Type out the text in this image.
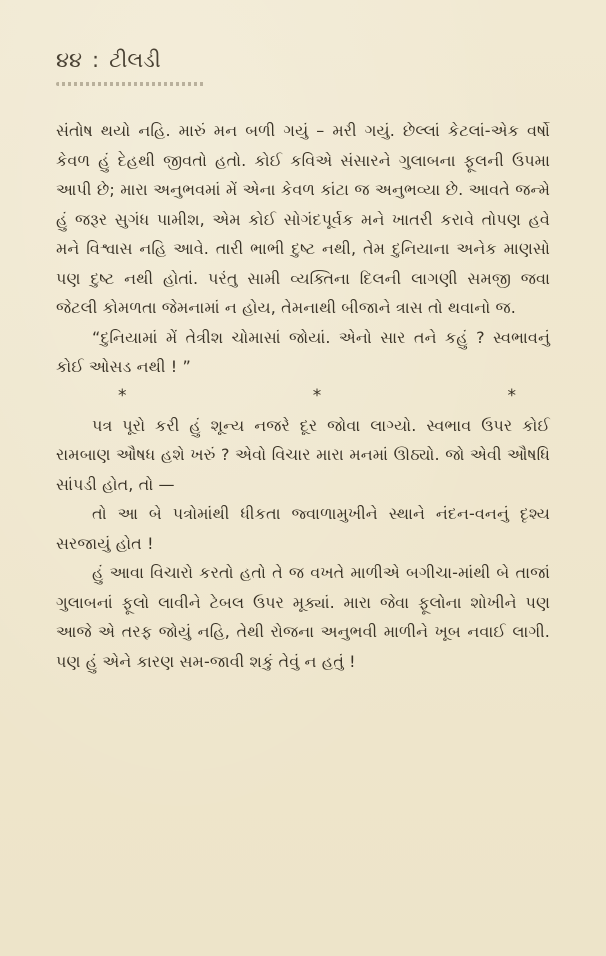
૪૪ : ટીલડી

સંતોષ થયો નહિ. મારું મન બળી ગયું – મરી ગયું. છેલ્લાં કેટલાં-એક વર્ષો કેવળ હું દેહથી જીવતો હતો. કોઈ કવિએ સંસારને ગુલાબના ફૂલની ઉપમા આપી છે; મારા અનુભવમાં મેં એના કેવળ કાંટા જ અનુભવ્યા છે. આવતે જન્મે હું જરૂર સુગંધ પામીશ, એમ કોઈ સોગંદપૂર્વક મને ખાતરી કરાવે તોપણ હવે મને વિશ્વાસ નહિ આવે. તારી ભાભી દુષ્ટ નથી, તેમ દુનિયાના અનેક માણસો પણ દુષ્ટ નથી હોતાં. પરંતુ સામી વ્યક્તિના દિલની લાગણી સમજી જવા જેટલી કોમળતા જેમનામાં ન હોય, તેમનાથી બીજાને ત્રાસ તો થવાનો જ.

“દુનિયામાં મેં તેત્રીશ ચોમાસાં જોયાં. એનો સાર તને કહું ? સ્વભાવનું કોઈ ઓસડ નથી ! ”

*	*	*

પત્ર પૂરો કરી હું શૂન્ય નજરે દૂર જોવા લાગ્યો. સ્વભાવ ઉપર કોઈ રામબાણ ઔષધ હશે ખરું ? એવો વિચાર મારા મનમાં ઊઠ્યો. જો એવી ઔષધિ સાંપડી હોત, તો —

તો આ બે પત્રોમાંથી ધીકતા જ્વાળામુખીને સ્થાને નંદન-વનનું દૃશ્ય સરજાયું હોત !

હું આવા વિચારો કરતો હતો તે જ વખતે માળીએ બગીચા-માંથી બે તાજાં ગુલાબનાં ફૂલો લાવીને ટેબલ ઉપર મૂક્યાં. મારા જેવા ફૂલોના શોખીને પણ આજે એ તરફ જોયું નહિ, તેથી રોજના અનુભવી માળીને ખૂબ નવાઈ લાગી. પણ હું એને કારણ સમ-જાવી શકું તેવું ન હતું !
